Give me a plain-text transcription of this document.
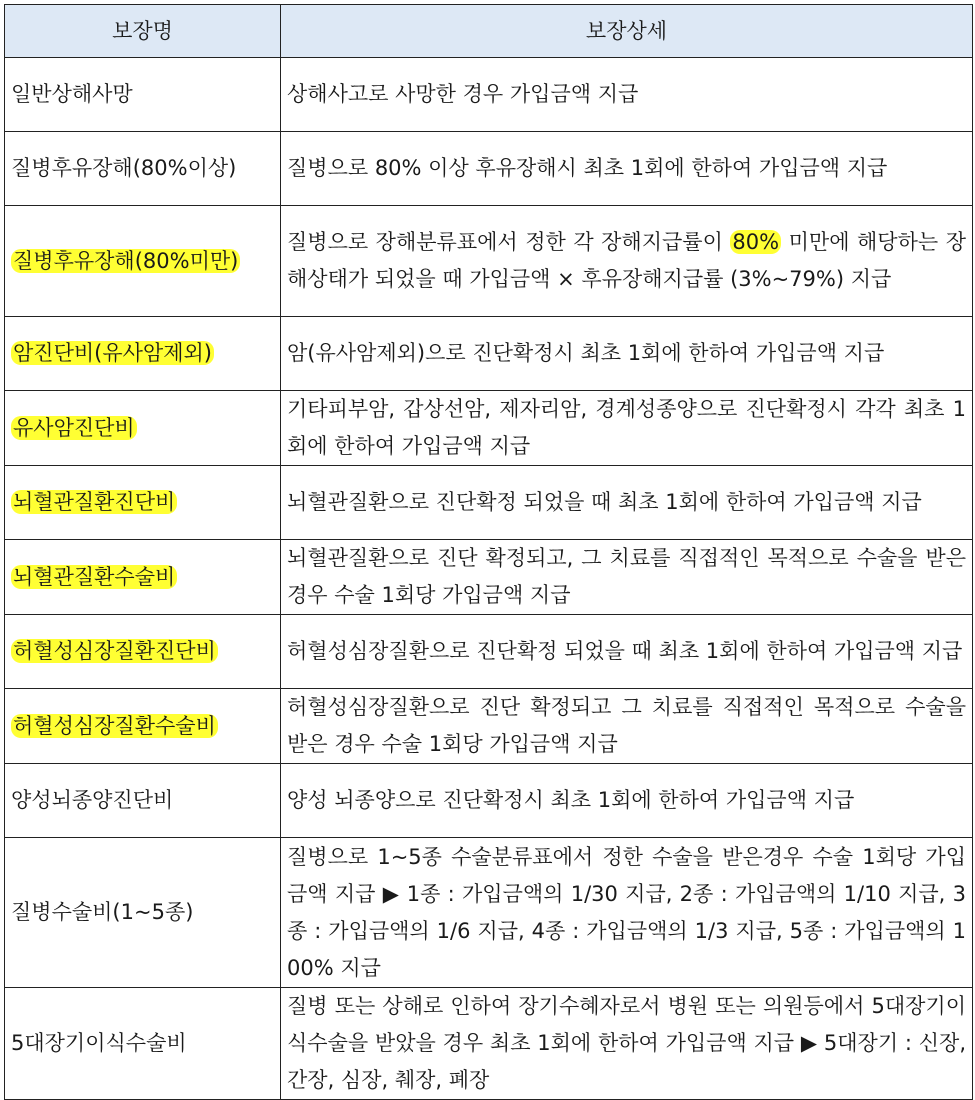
보장명	보장상세
일반상해사망	상해사고로 사망한 경우 가입금액 지급
질병후유장해(80%이상)	질병으로 80% 이상 후유장해시 최초 1회에 한하여 가입금액 지급
질병후유장해(80%미만)	질병으로 장해분류표에서 정한 각 장해지급률이 80% 미만에 해당하는 장해상태가 되었을 때 가입금액 × 후유장해지급률 (3%~79%) 지급
암진단비(유사암제외)	암(유사암제외)으로 진단확정시 최초 1회에 한하여 가입금액 지급
유사암진단비	기타피부암, 갑상선암, 제자리암, 경계성종양으로 진단확정시 각각 최초 1회에 한하여 가입금액 지급
뇌혈관질환진단비	뇌혈관질환으로 진단확정 되었을 때 최초 1회에 한하여 가입금액 지급
뇌혈관질환수술비	뇌혈관질환으로 진단 확정되고, 그 치료를 직접적인 목적으로 수술을 받은 경우 수술 1회당 가입금액 지급
허혈성심장질환진단비	허혈성심장질환으로 진단확정 되었을 때 최초 1회에 한하여 가입금액 지급
허혈성심장질환수술비	허혈성심장질환으로 진단 확정되고 그 치료를 직접적인 목적으로 수술을 받은 경우 수술 1회당 가입금액 지급
양성뇌종양진단비	양성 뇌종양으로 진단확정시 최초 1회에 한하여 가입금액 지급
질병수술비(1~5종)	질병으로 1~5종 수술분류표에서 정한 수술을 받은경우 수술 1회당 가입금액 지급 ▶ 1종 : 가입금액의 1/30 지급, 2종 : 가입금액의 1/10 지급, 3종 : 가입금액의 1/6 지급, 4종 : 가입금액의 1/3 지급, 5종 : 가입금액의 100% 지급
5대장기이식수술비	질병 또는 상해로 인하여 장기수혜자로서 병원 또는 의원등에서 5대장기이식수술을 받았을 경우 최초 1회에 한하여 가입금액 지급 ▶ 5대장기 : 신장, 간장, 심장, 췌장, 폐장
